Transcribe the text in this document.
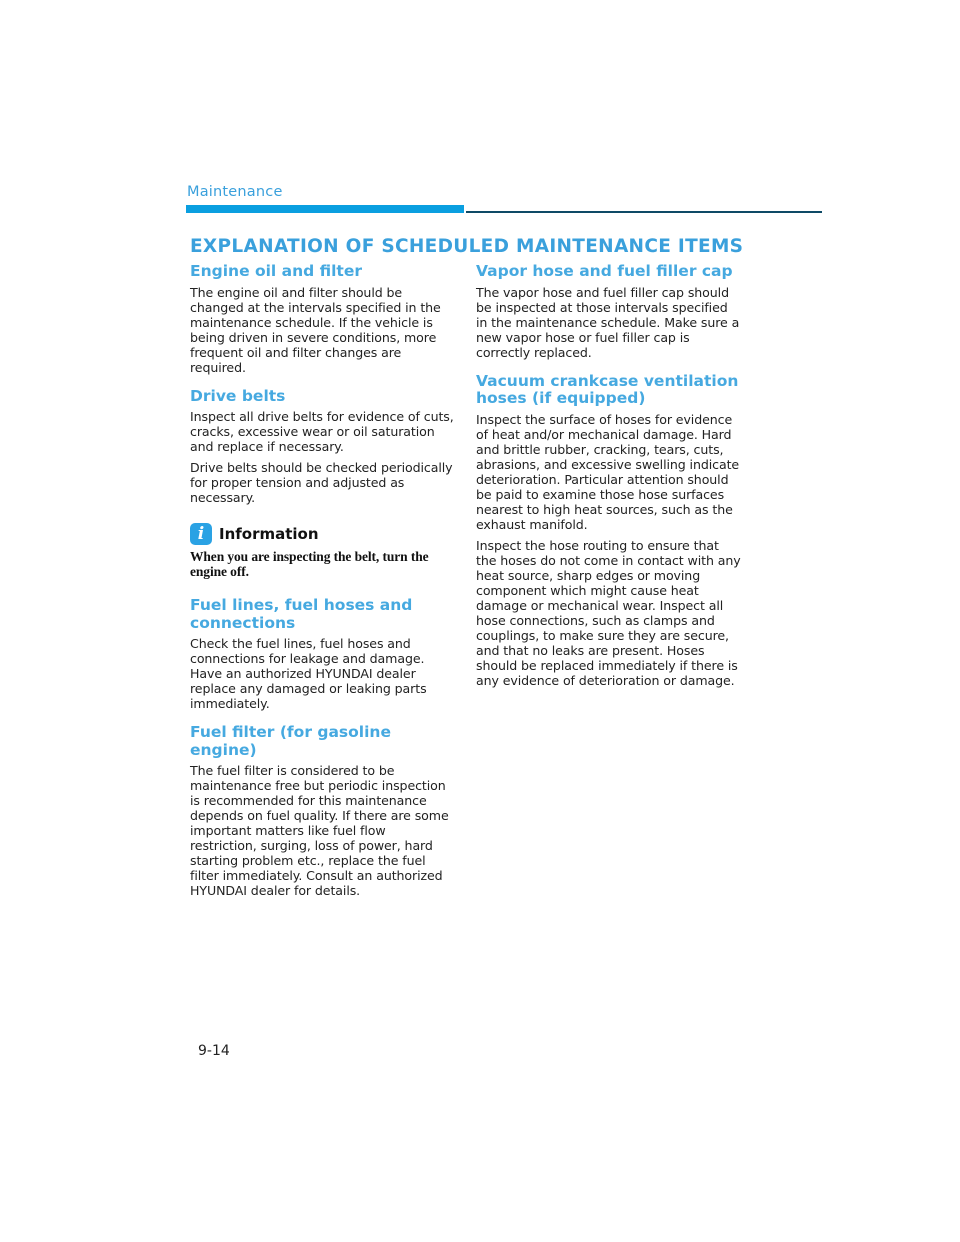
Maintenance
EXPLANATION OF SCHEDULED MAINTENANCE ITEMS
Engine oil and filter

The engine oil and filter should be changed at the intervals specified in the maintenance schedule. If the vehicle is being driven in severe conditions, more frequent oil and filter changes are required.

Drive belts

Inspect all drive belts for evidence of cuts, cracks, excessive wear or oil saturation and replace if necessary.

Drive belts should be checked periodically for proper tension and adjusted as necessary.

i Information

When you are inspecting the belt, turn the engine off.

Fuel lines, fuel hoses and connections

Check the fuel lines, fuel hoses and connections for leakage and damage. Have an authorized HYUNDAI dealer replace any damaged or leaking parts immediately.

Fuel filter (for gasoline engine)

The fuel filter is considered to be maintenance free but periodic inspection is recommended for this maintenance depends on fuel quality. If there are some important matters like fuel flow restriction, surging, loss of power, hard starting problem etc., replace the fuel filter immediately. Consult an authorized HYUNDAI dealer for details.

Vapor hose and fuel filler cap

The vapor hose and fuel filler cap should be inspected at those intervals specified in the maintenance schedule. Make sure a new vapor hose or fuel filler cap is correctly replaced.

Vacuum crankcase ventilation hoses (if equipped)

Inspect the surface of hoses for evidence of heat and/or mechanical damage. Hard and brittle rubber, cracking, tears, cuts, abrasions, and excessive swelling indicate deterioration. Particular attention should be paid to examine those hose surfaces nearest to high heat sources, such as the exhaust manifold.

Inspect the hose routing to ensure that the hoses do not come in contact with any heat source, sharp edges or moving component which might cause heat damage or mechanical wear. Inspect all hose connections, such as clamps and couplings, to make sure they are secure, and that no leaks are present. Hoses should be replaced immediately if there is any evidence of deterioration or damage.

9-14
